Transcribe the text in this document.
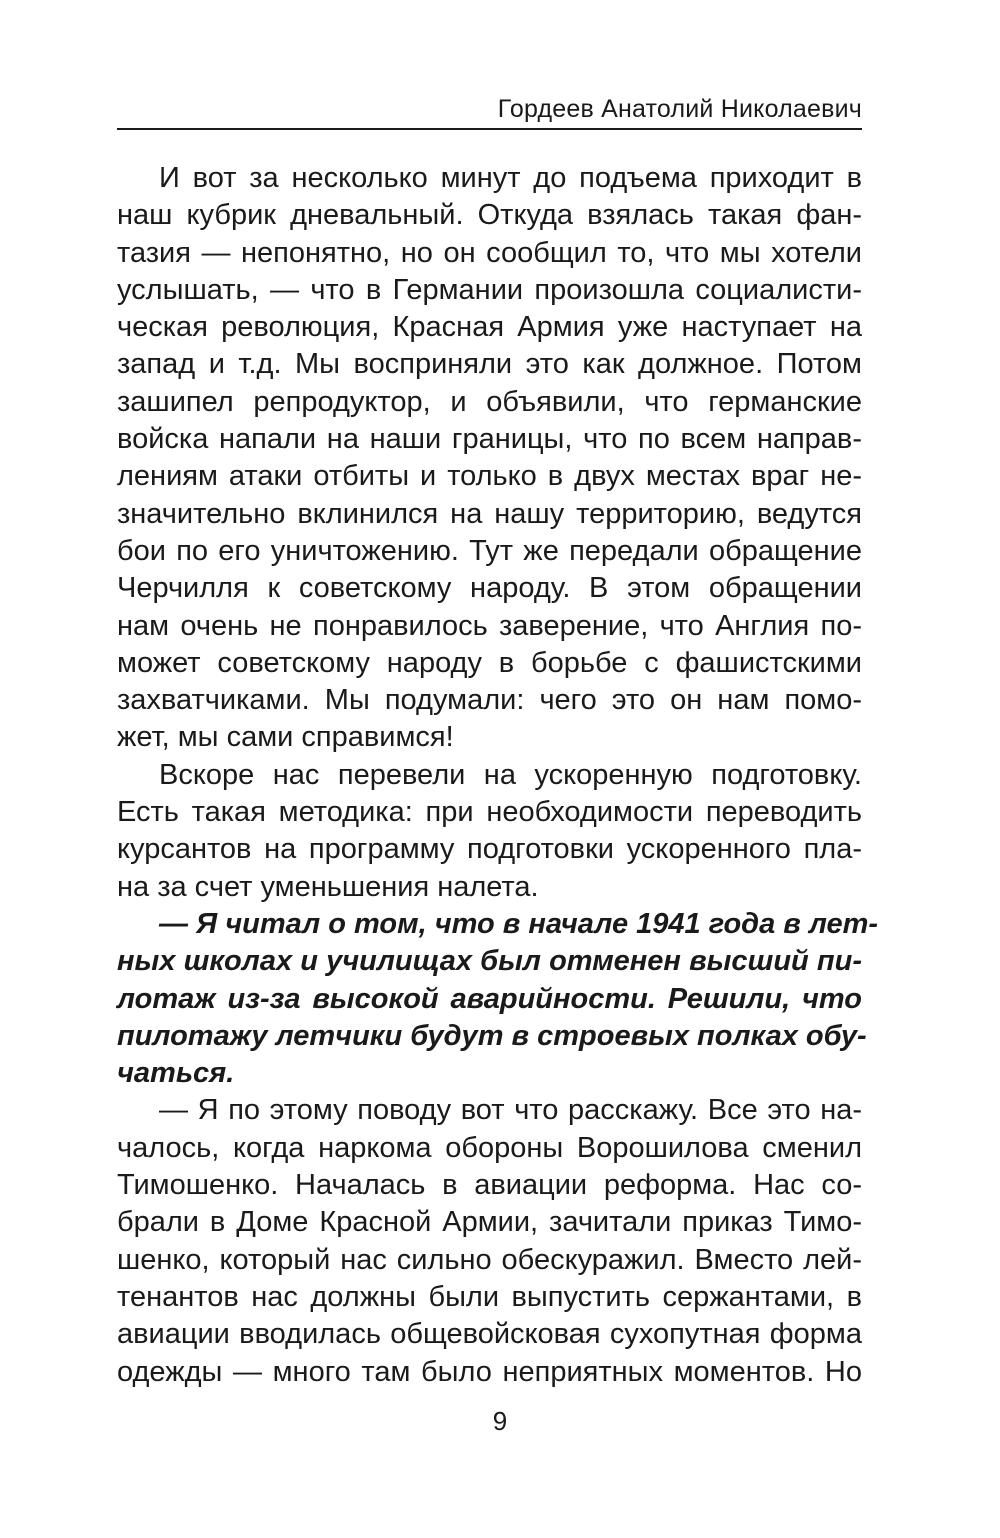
Гордеев Анатолий Николаевич
И вот за несколько минут до подъема приходит в
наш кубрик дневальный. Откуда взялась такая фан-
тазия — непонятно, но он сообщил то, что мы хотели
услышать, — что в Германии произошла социалисти-
ческая революция, Красная Армия уже наступает на
запад и т.д. Мы восприняли это как должное. Потом
зашипел репродуктор, и объявили, что германские
войска напали на наши границы, что по всем направ-
лениям атаки отбиты и только в двух местах враг не-
значительно вклинился на нашу территорию, ведутся
бои по его уничтожению. Тут же передали обращение
Черчилля к советскому народу. В этом обращении
нам очень не понравилось заверение, что Англия по-
может советскому народу в борьбе с фашистскими
захватчиками. Мы подумали: чего это он нам помо-
жет, мы сами справимся!
Вскоре нас перевели на ускоренную подготовку.
Есть такая методика: при необходимости переводить
курсантов на программу подготовки ускоренного пла-
на за счет уменьшения налета.
— Я читал о том, что в начале 1941 года в лет-
ных школах и училищах был отменен высший пи-
лотаж из-за высокой аварийности. Решили, что
пилотажу летчики будут в строевых полках обу-
чаться.
— Я по этому поводу вот что расскажу. Все это на-
чалось, когда наркома обороны Ворошилова сменил
Тимошенко. Началась в авиации реформа. Нас со-
брали в Доме Красной Армии, зачитали приказ Тимо-
шенко, который нас сильно обескуражил. Вместо лей-
тенантов нас должны были выпустить сержантами, в
авиации вводилась общевойсковая сухопутная форма
одежды — много там было неприятных моментов. Но
9
